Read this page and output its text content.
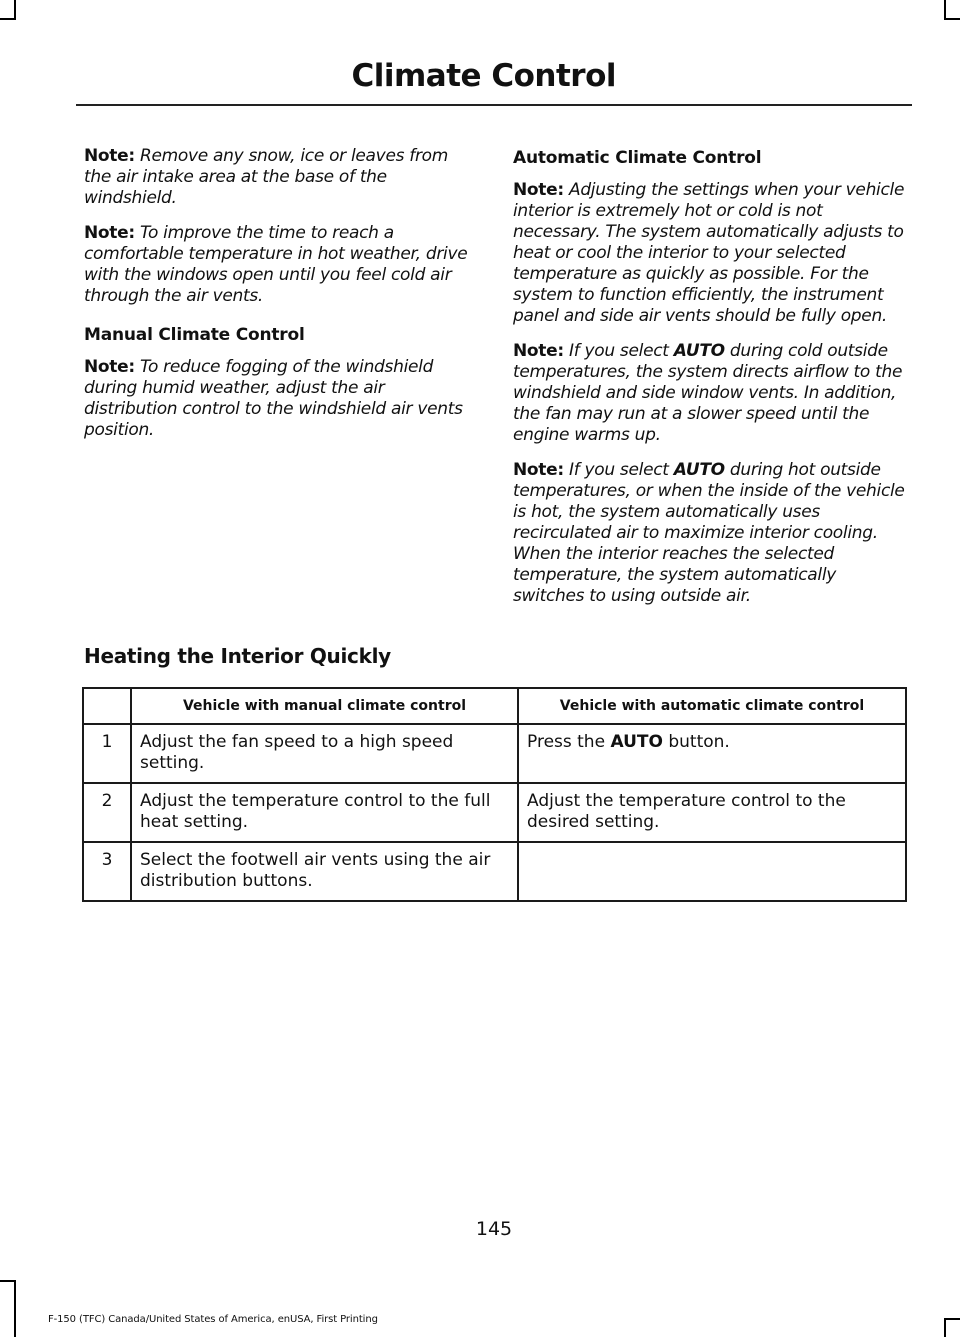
Climate Control

Note: Remove any snow, ice or leaves from the air intake area at the base of the windshield.

Note: To improve the time to reach a comfortable temperature in hot weather, drive with the windows open until you feel cold air through the air vents.

Manual Climate Control

Note: To reduce fogging of the windshield during humid weather, adjust the air distribution control to the windshield air vents position.

Automatic Climate Control

Note: Adjusting the settings when your vehicle interior is extremely hot or cold is not necessary. The system automatically adjusts to heat or cool the interior to your selected temperature as quickly as possible. For the system to function efficiently, the instrument panel and side air vents should be fully open.

Note: If you select AUTO during cold outside temperatures, the system directs airflow to the windshield and side window vents. In addition, the fan may run at a slower speed until the engine warms up.

Note: If you select AUTO during hot outside temperatures, or when the inside of the vehicle is hot, the system automatically uses recirculated air to maximize interior cooling. When the interior reaches the selected temperature, the system automatically switches to using outside air.

Heating the Interior Quickly
	Vehicle with manual climate control	Vehicle with automatic climate control
1	Adjust the fan speed to a high speed setting.	Press the AUTO button.
2	Adjust the temperature control to the full heat setting.	Adjust the temperature control to the desired setting.
3	Select the footwell air vents using the air distribution buttons.	

145

F-150 (TFC) Canada/United States of America, enUSA, First Printing
